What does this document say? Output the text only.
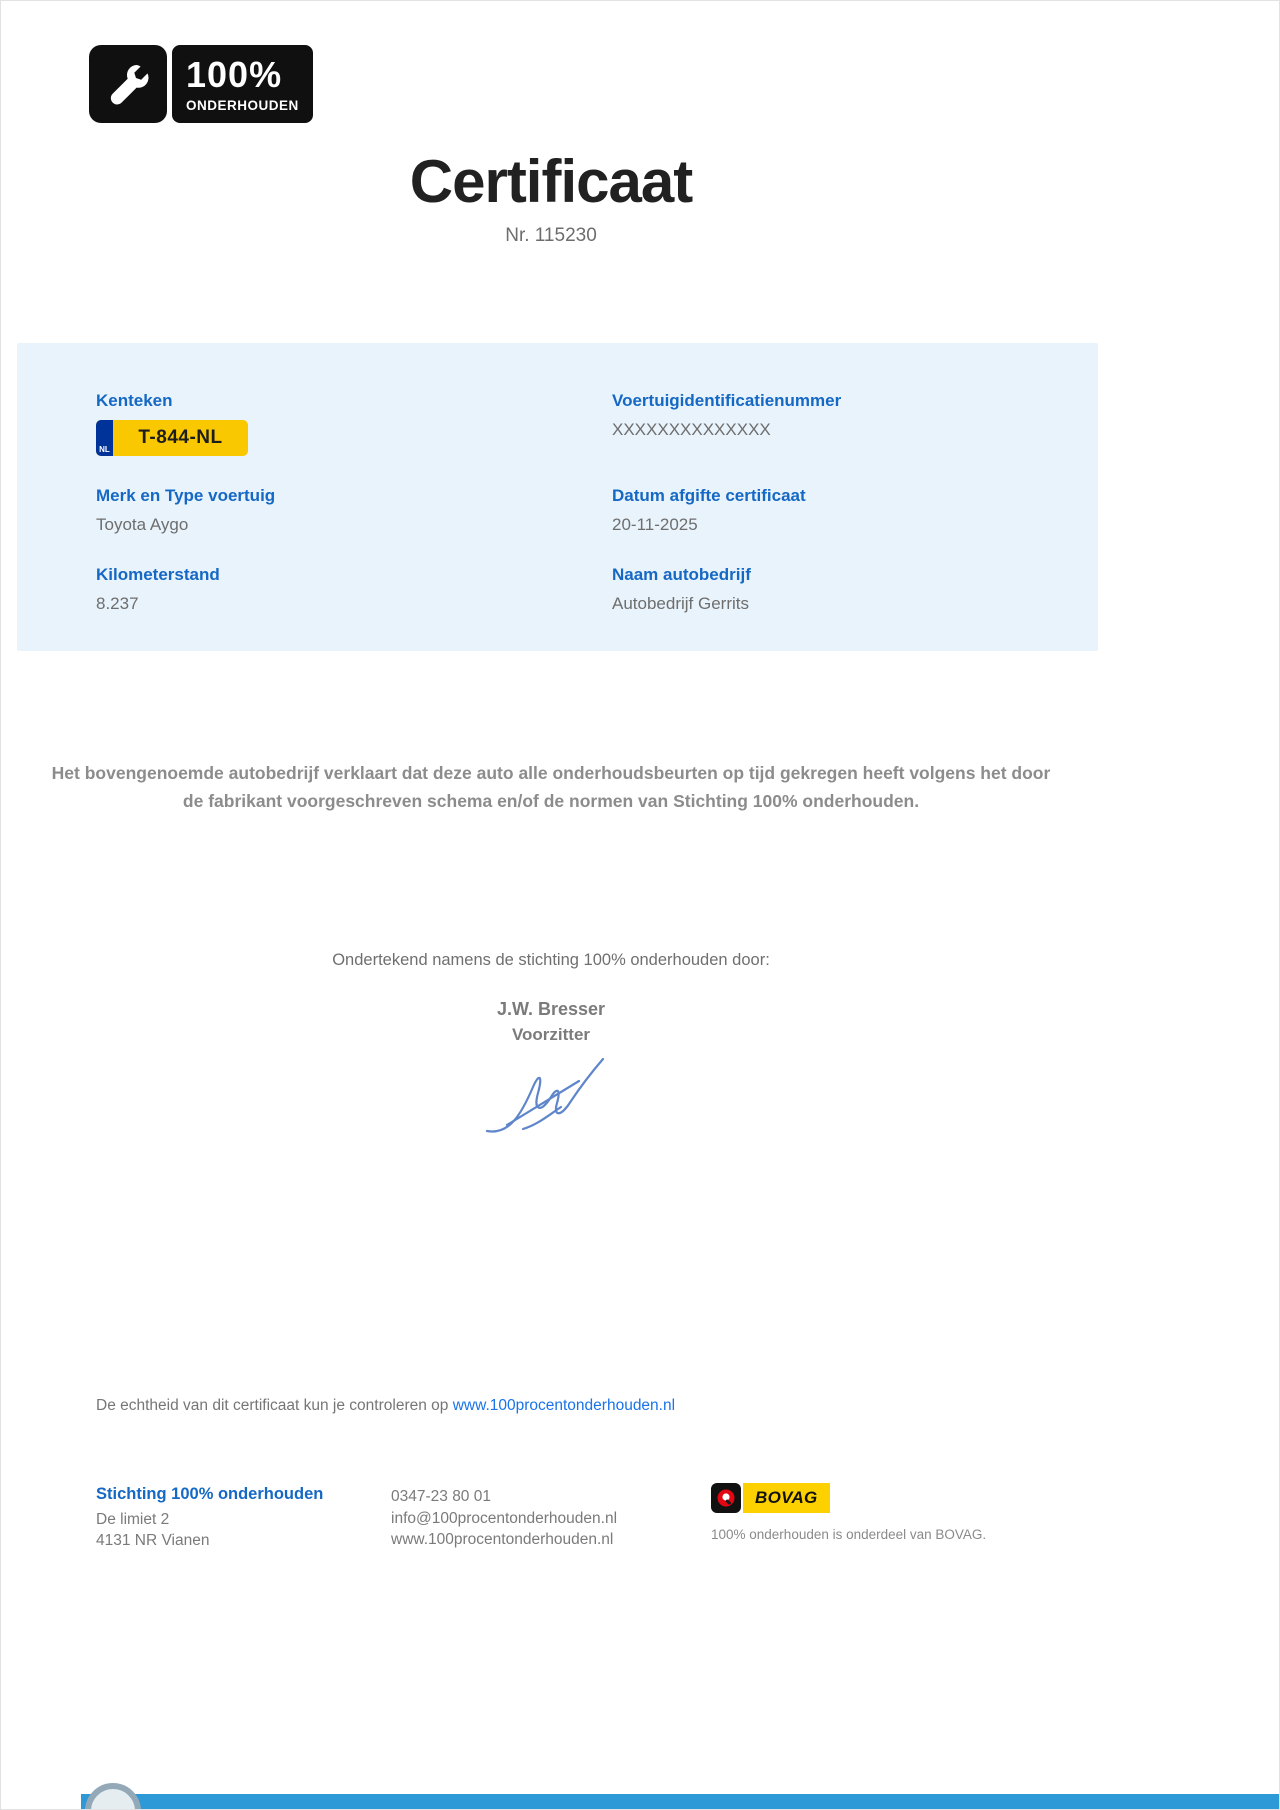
100%
ONDERHOUDEN
Certificaat
Nr. 115230
Kenteken
NL
T-844-NL
Voertuigidentificatienummer
XXXXXXXXXXXXXX
Merk en Type voertuig
Toyota Aygo
Datum afgifte certificaat
20-11-2025
Kilometerstand
8.237
Naam autobedrijf
Autobedrijf Gerrits

Het bovengenoemde autobedrijf verklaart dat deze auto alle onderhoudsbeurten op tijd gekregen heeft volgens het door de fabrikant voorgeschreven schema en/of de normen van Stichting 100% onderhouden.

Ondertekend namens de stichting 100% onderhouden door:
J.W. Bresser
Voorzitter
De echtheid van dit certificaat kun je controleren op www.100procentonderhouden.nl
Stichting 100% onderhouden
De limiet 2
4131 NR Vianen
0347-23 80 01
info@100procentonderhouden.nl
www.100procentonderhouden.nl
BOVAG
100% onderhouden is onderdeel van BOVAG.
